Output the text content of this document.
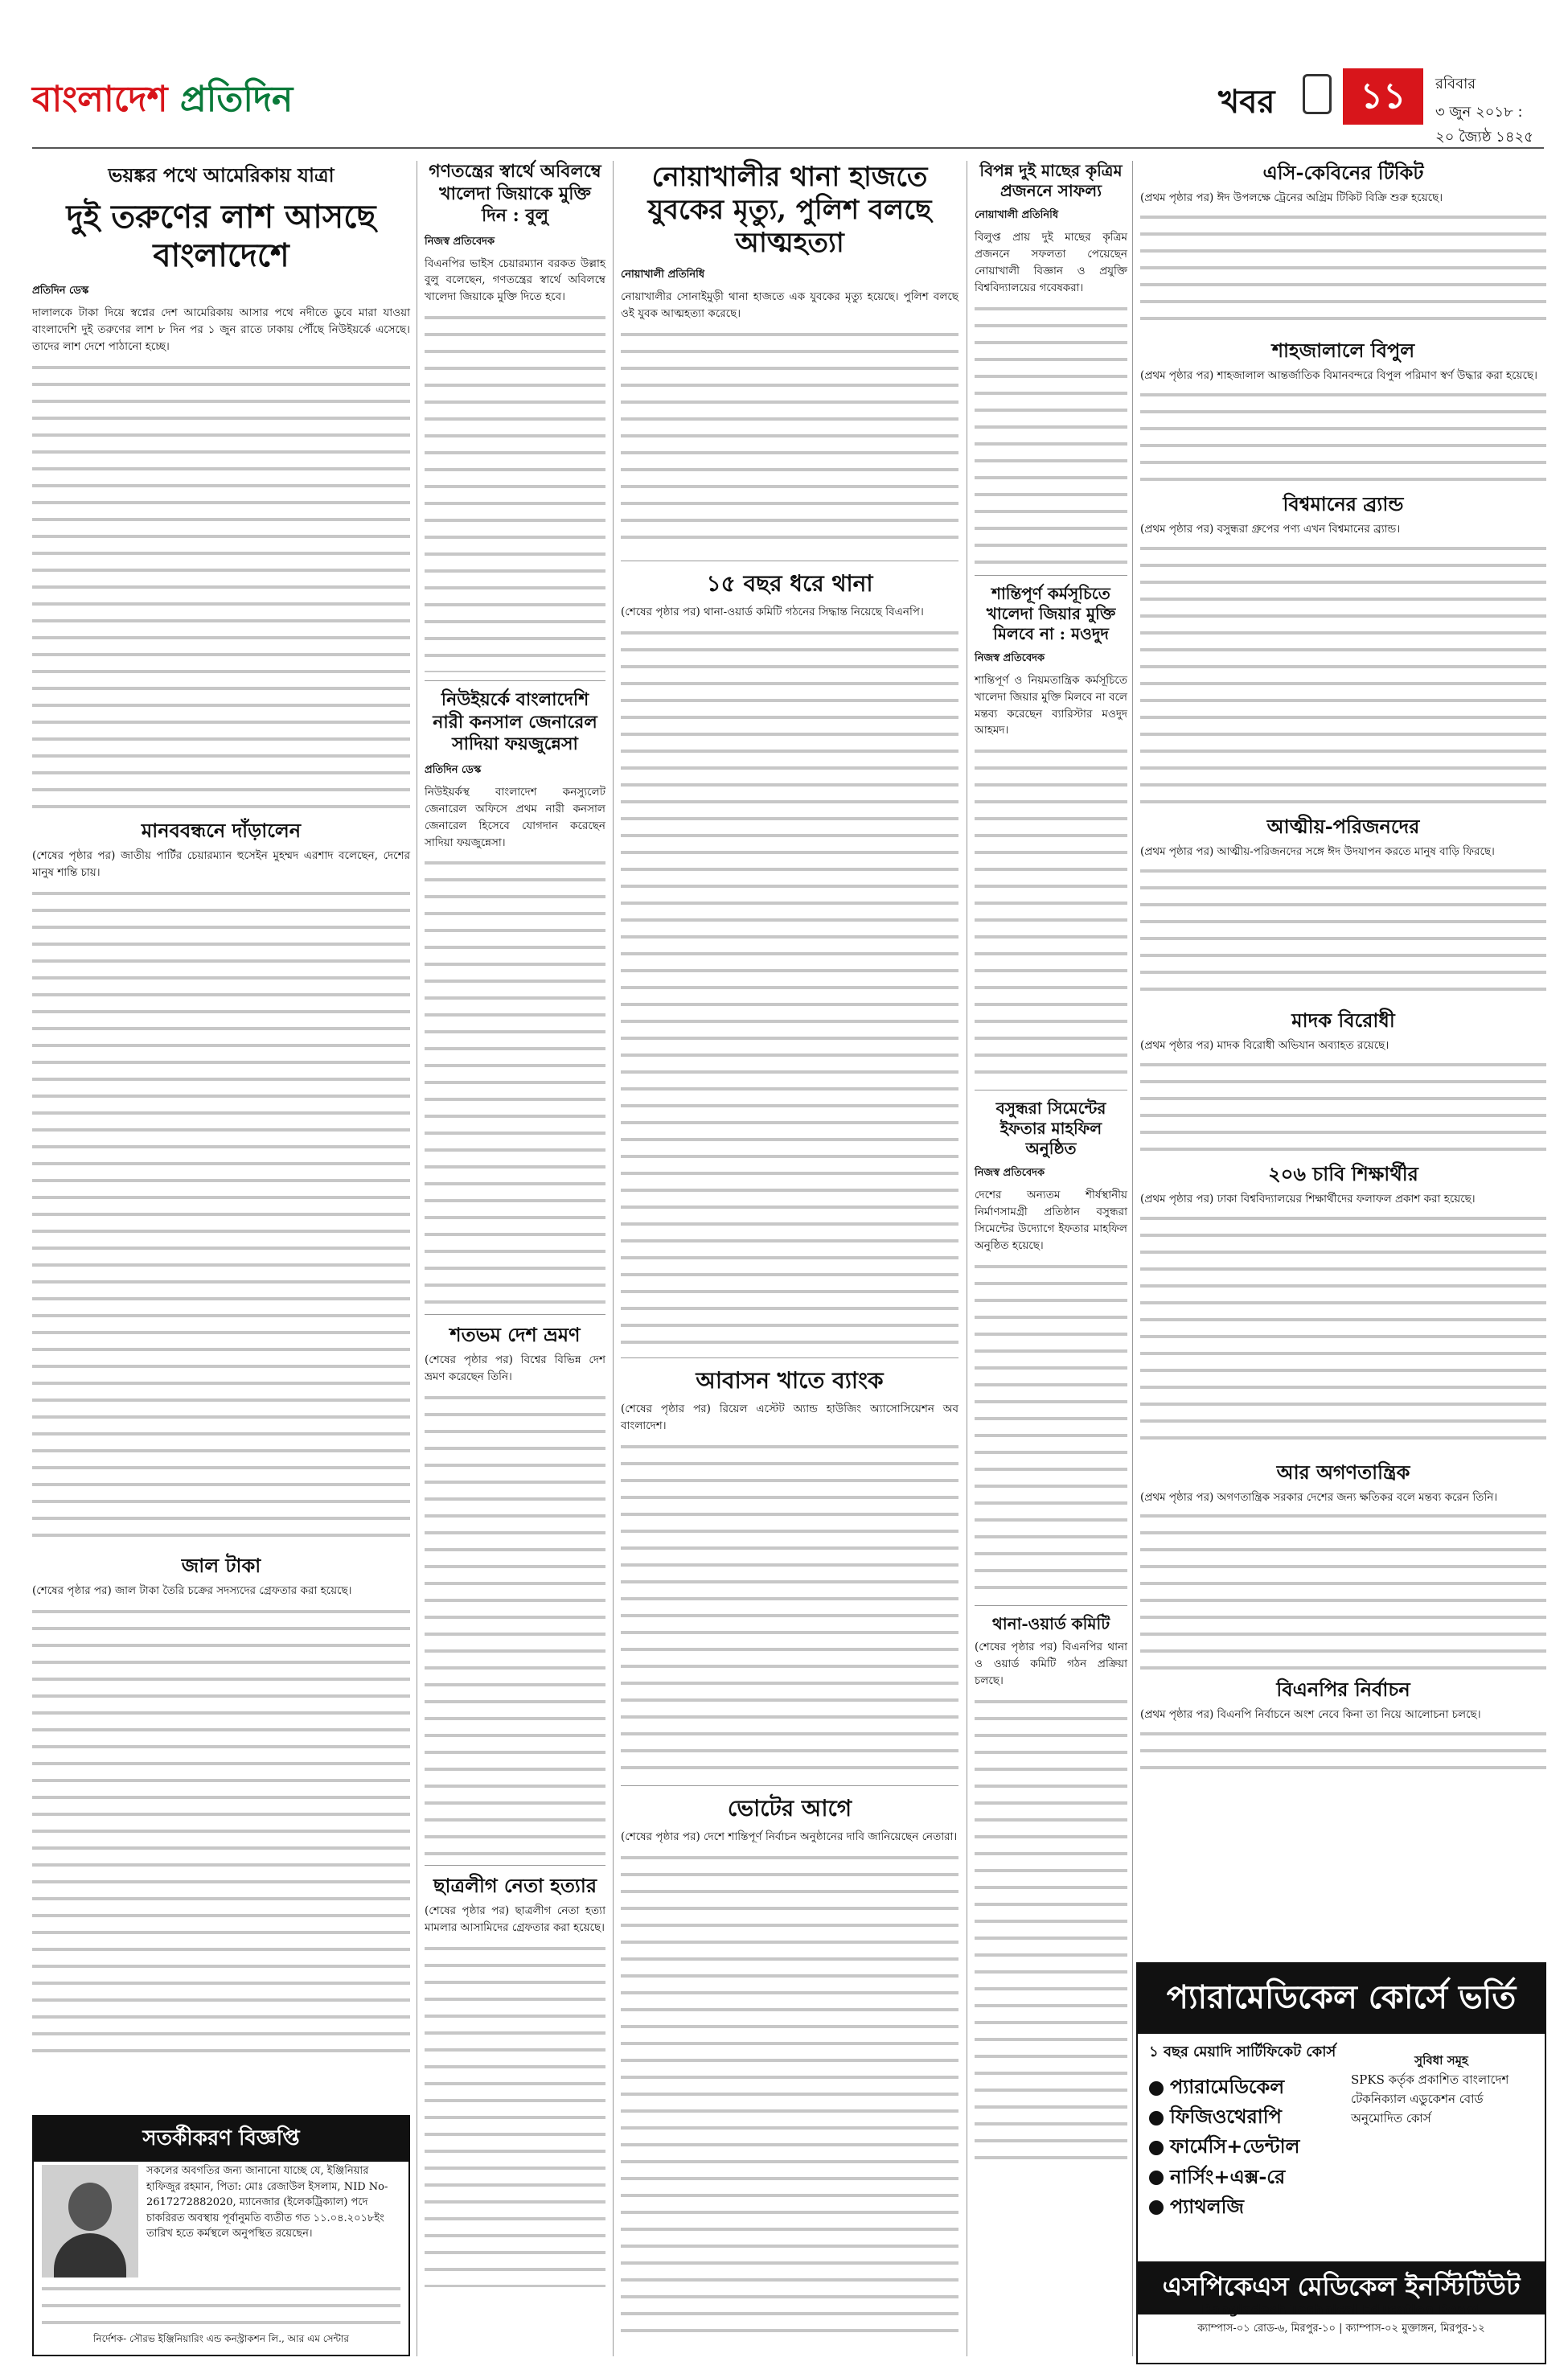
বাংলাদেশ প্রতিদিন	খবর	১১	রবিবার
৩ জুন ২০১৮ : ২০ জ্যৈষ্ঠ ১৪২৫
ভয়ঙ্কর পথে আমেরিকায় যাত্রা
দুই তরুণের লাশ আসছে বাংলাদেশে
প্রতিদিন ডেস্ক
দালালকে টাকা দিয়ে স্বপ্নের দেশ আমেরিকায় আসার পথে নদীতে ডুবে মারা যাওয়া বাংলাদেশি দুই তরুণের লাশ ৮ দিন পর ১ জুন রাতে ঢাকায় পৌঁছে নিউইয়র্কে এসেছে। তাদের লাশ দেশে পাঠানো হচ্ছে।
মানববন্ধনে দাঁড়ালেন
(শেষের পৃষ্ঠার পর) জাতীয় পার্টির চেয়ারম্যান হুসেইন মুহম্মদ এরশাদ বলেছেন, দেশের মানুষ শান্তি চায়।
জাল টাকা
(শেষের পৃষ্ঠার পর) জাল টাকা তৈরি চক্রের সদস্যদের গ্রেফতার করা হয়েছে।
সতর্কীকরণ বিজ্ঞপ্তি
সকলের অবগতির জন্য জানানো যাচ্ছে যে, ইঞ্জিনিয়ার হাফিজুর রহমান, পিতা: মোঃ রেজাউল ইসলাম, NID No- 2617272882020, ম্যানেজার (ইলেকট্রিক্যাল) পদে চাকরিরত অবস্থায় পূর্বানুমতি ব্যতীত গত ১১.০৪.২০১৮ইং তারিখ হতে কর্মস্থলে অনুপস্থিত রয়েছেন।
নির্দেশক- সৌরভ ইঞ্জিনিয়ারিং এন্ড কনস্ট্রাকশন লি., আর এম সেন্টার
গণতন্ত্রের স্বার্থে অবিলম্বে খালেদা জিয়াকে মুক্তি দিন : বুলু
নিজস্ব প্রতিবেদক
বিএনপির ভাইস চেয়ারম্যান বরকত উল্লাহ বুলু বলেছেন, গণতন্ত্রের স্বার্থে অবিলম্বে খালেদা জিয়াকে মুক্তি দিতে হবে।
নিউইয়র্কে বাংলাদেশি নারী কনসাল জেনারেল সাদিয়া ফয়জুন্নেসা
প্রতিদিন ডেস্ক
নিউইয়র্কস্থ বাংলাদেশ কনস্যুলেট জেনারেল অফিসে প্রথম নারী কনসাল জেনারেল হিসেবে যোগদান করেছেন সাদিয়া ফয়জুন্নেসা।
শতভম দেশ ভ্রমণ
(শেষের পৃষ্ঠার পর) বিশ্বের বিভিন্ন দেশ ভ্রমণ করেছেন তিনি।
ছাত্রলীগ নেতা হত্যার
(শেষের পৃষ্ঠার পর) ছাত্রলীগ নেতা হত্যা মামলার আসামিদের গ্রেফতার করা হয়েছে।
নোয়াখালীর থানা হাজতে যুবকের মৃত্যু, পুলিশ বলছে আত্মহত্যা
নোয়াখালী প্রতিনিধি
নোয়াখালীর সোনাইমুড়ী থানা হাজতে এক যুবকের মৃত্যু হয়েছে। পুলিশ বলছে ওই যুবক আত্মহত্যা করেছে।
১৫ বছর ধরে থানা
(শেষের পৃষ্ঠার পর) থানা-ওয়ার্ড কমিটি গঠনের সিদ্ধান্ত নিয়েছে বিএনপি।
আবাসন খাতে ব্যাংক
(শেষের পৃষ্ঠার পর) রিয়েল এস্টেট অ্যান্ড হাউজিং অ্যাসোসিয়েশন অব বাংলাদেশ।
ভোটের আগে
(শেষের পৃষ্ঠার পর) দেশে শান্তিপূর্ণ নির্বাচন অনুষ্ঠানের দাবি জানিয়েছেন নেতারা।
বিপন্ন দুই মাছের কৃত্রিম প্রজননে সাফল্য
নোয়াখালী প্রতিনিধি
বিলুপ্ত প্রায় দুই মাছের কৃত্রিম প্রজননে সফলতা পেয়েছেন নোয়াখালী বিজ্ঞান ও প্রযুক্তি বিশ্ববিদ্যালয়ের গবেষকরা।
শান্তিপূর্ণ কর্মসূচিতে খালেদা জিয়ার মুক্তি মিলবে না : মওদুদ
নিজস্ব প্রতিবেদক
শান্তিপূর্ণ ও নিয়মতান্ত্রিক কর্মসূচিতে খালেদা জিয়ার মুক্তি মিলবে না বলে মন্তব্য করেছেন ব্যারিস্টার মওদুদ আহমদ।
বসুন্ধরা সিমেন্টের ইফতার মাহফিল অনুষ্ঠিত
নিজস্ব প্রতিবেদক
দেশের অন্যতম শীর্ষস্থানীয় নির্মাণসামগ্রী প্রতিষ্ঠান বসুন্ধরা সিমেন্টের উদ্যোগে ইফতার মাহফিল অনুষ্ঠিত হয়েছে।
থানা-ওয়ার্ড কমিটি
(শেষের পৃষ্ঠার পর) বিএনপির থানা ও ওয়ার্ড কমিটি গঠন প্রক্রিয়া চলছে।
এসি-কেবিনের টিকিট
(প্রথম পৃষ্ঠার পর) ঈদ উপলক্ষে ট্রেনের অগ্রিম টিকিট বিক্রি শুরু হয়েছে।
শাহজালালে বিপুল
(প্রথম পৃষ্ঠার পর) শাহজালাল আন্তর্জাতিক বিমানবন্দরে বিপুল পরিমাণ স্বর্ণ উদ্ধার করা হয়েছে।
বিশ্বমানের ব্র্যান্ড
(প্রথম পৃষ্ঠার পর) বসুন্ধরা গ্রুপের পণ্য এখন বিশ্বমানের ব্র্যান্ড।
আত্মীয়-পরিজনদের
(প্রথম পৃষ্ঠার পর) আত্মীয়-পরিজনদের সঙ্গে ঈদ উদযাপন করতে মানুষ বাড়ি ফিরছে।
মাদক বিরোধী
(প্রথম পৃষ্ঠার পর) মাদক বিরোধী অভিযান অব্যাহত রয়েছে।
২০৬ চাবি শিক্ষার্থীর
(প্রথম পৃষ্ঠার পর) ঢাকা বিশ্ববিদ্যালয়ের শিক্ষার্থীদের ফলাফল প্রকাশ করা হয়েছে।
আর অগণতান্ত্রিক
(প্রথম পৃষ্ঠার পর) অগণতান্ত্রিক সরকার দেশের জন্য ক্ষতিকর বলে মন্তব্য করেন তিনি।
বিএনপির নির্বাচন
(প্রথম পৃষ্ঠার পর) বিএনপি নির্বাচনে অংশ নেবে কিনা তা নিয়ে আলোচনা চলছে।
প্যারামেডিকেল কোর্সে ভর্তি
১ বছর মেয়াদি সার্টিফিকেট কোর্স
প্যারামেডিকেল
ফিজিওথেরাপি
ফার্মেসি+ডেন্টাল
নার্সিং+এক্স-রে
প্যাথলজি
সুবিধা সমূহ
SPKS কর্তৃক প্রকাশিত বাংলাদেশ টেকনিক্যাল এডুকেশন বোর্ড অনুমোদিত কোর্স
এসপিকেএস মেডিকেল ইনস্টিটিউট
Bangladesh Technical Education Board
ক্যাম্পাস-০১ রোড-৬, মিরপুর-১০ | ক্যাম্পাস-০২ মুক্তাঙ্গন, মিরপুর-১২
